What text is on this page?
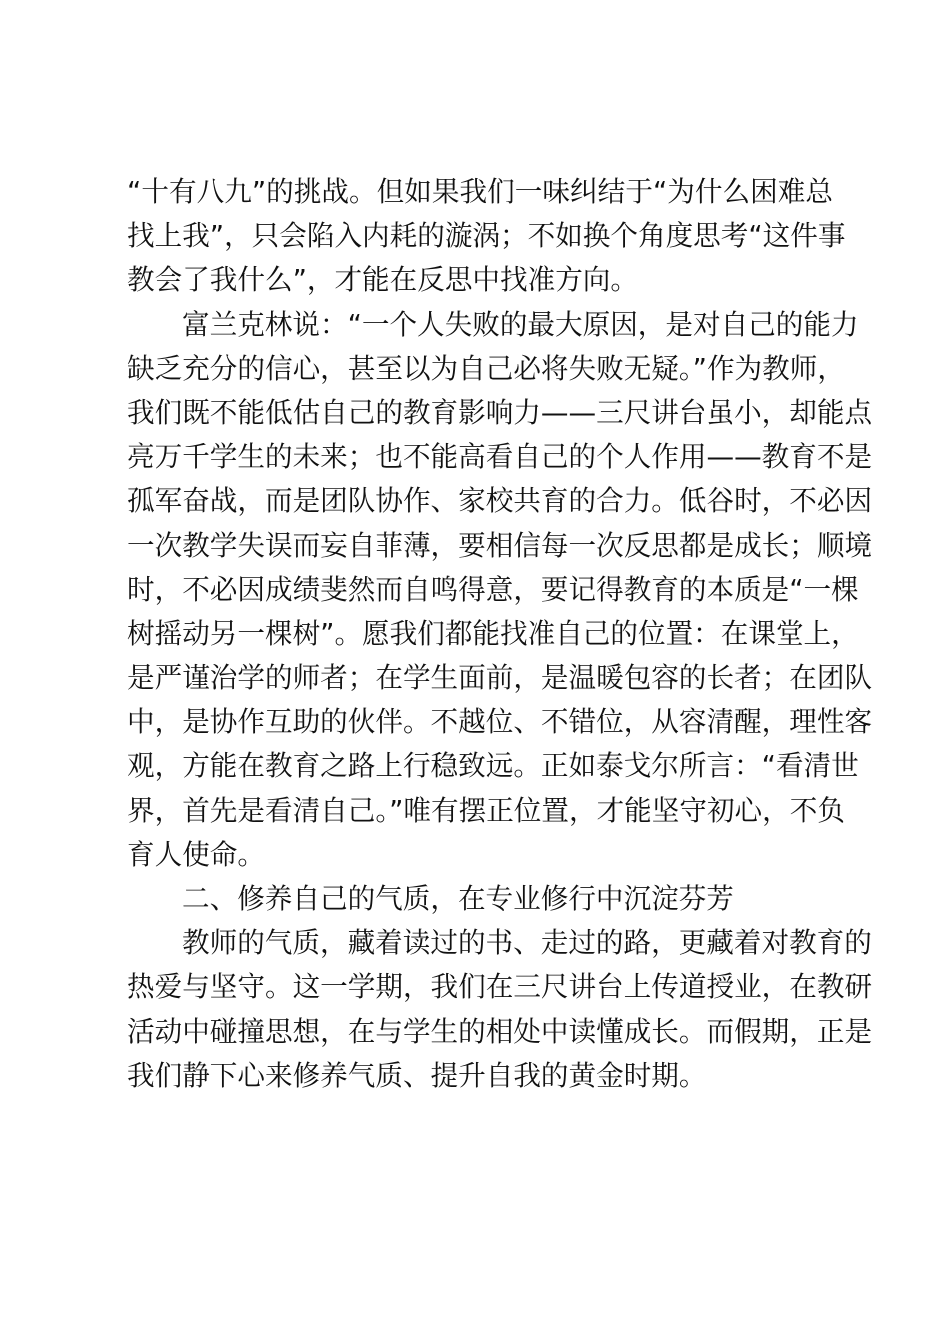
“十有八九”的挑战。但如果我们一味纠结于“为什么困难总
找上我”，只会陷入内耗的漩涡；不如换个角度思考“这件事
教会了我什么”，才能在反思中找准方向。
富兰克林说：“一个人失败的最大原因，是对自己的能力
缺乏充分的信心，甚至以为自己必将失败无疑。”作为教师，
我们既不能低估自己的教育影响力——三尺讲台虽小，却能点
亮万千学生的未来；也不能高看自己的个人作用——教育不是
孤军奋战，而是团队协作、家校共育的合力。低谷时，不必因
一次教学失误而妄自菲薄，要相信每一次反思都是成长；顺境
时，不必因成绩斐然而自鸣得意，要记得教育的本质是“一棵
树摇动另一棵树”。愿我们都能找准自己的位置：在课堂上，
是严谨治学的师者；在学生面前，是温暖包容的长者；在团队
中，是协作互助的伙伴。不越位、不错位，从容清醒，理性客
观，方能在教育之路上行稳致远。正如泰戈尔所言：“看清世
界，首先是看清自己。”唯有摆正位置，才能坚守初心，不负
育人使命。
二、修养自己的气质，在专业修行中沉淀芬芳
教师的气质，藏着读过的书、走过的路，更藏着对教育的
热爱与坚守。这一学期，我们在三尺讲台上传道授业，在教研
活动中碰撞思想，在与学生的相处中读懂成长。而假期，正是
我们静下心来修养气质、提升自我的黄金时期。
